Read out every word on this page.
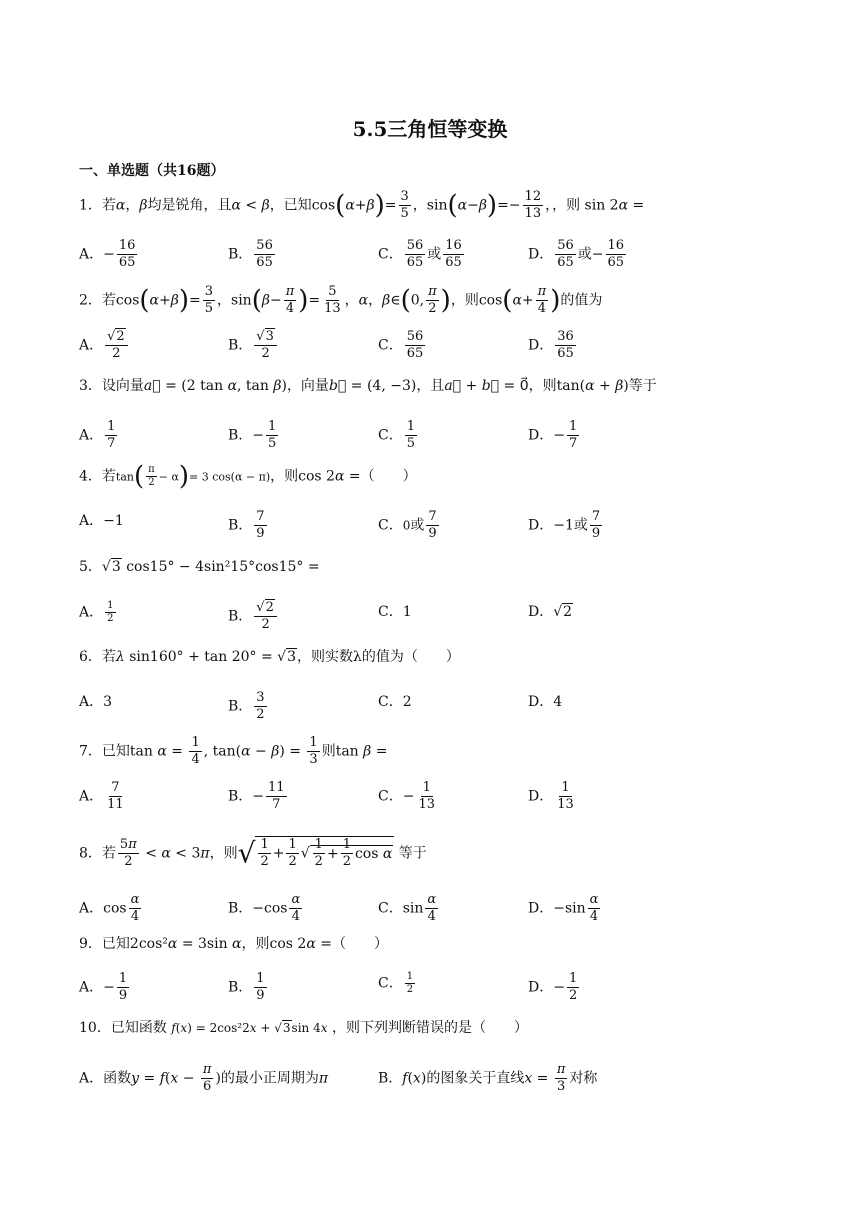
5.5三角恒等变换
一、单选题（共16题）
1．若α，β均是锐角，且α < β，已知$\cos(\alpha+\beta)= \frac{3}{5}$ ，$\sin(\alpha-\beta)=- \frac{12}{13}$ ，，则 sin 2α =
A．− $\frac{16}{65}$	B． $\frac{56}{65}$	C． $\frac{56}{65}$ 或 $\frac{16}{65}$	D． $\frac{56}{65}$ 或− $\frac{16}{65}$
2．若$\cos(\alpha+\beta)= \frac{3}{5}$ ，$\sin(\beta- \frac{\pi}{4}$ )= $\frac{5}{13}$ ，α，β∈(0, $\frac{\pi}{2}$ )，则$\cos(\alpha+ \frac{\pi}{4}$ )的值为
A． $\frac{√2}{2}$	B． $\frac{√3}{2}$	C． $\frac{56}{65}$	D． $\frac{36}{65}$
3．设向量a⃗ = (2 tan α, tan β)，向量b⃗ = (4, −3)，且a⃗ + b⃗ = 0⃗，则tan(α + β)等于
A． $\frac{1}{7}$	B．− $\frac{1}{5}$	C． $\frac{1}{5}$	D．− $\frac{1}{7}$
4．若$\tan( \frac{\pi}{2} - \alpha)= 3$ cos(α − π)，则cos 2α =（　　）
A．−1	B． $\frac{7}{9}$	C．0或 $\frac{7}{9}$	D．−1或 $\frac{7}{9}$
5．√3 cos15° − 4sin²15°cos15° =
A． $\frac{1}{2}$	B． $\frac{√2}{2}$	C．1	D．√2
6．若λ sin160° + tan 20° = √3，则实数λ的值为（　　）
A．3	B． $\frac{3}{2}$	C．2	D．4
7．已知$\tan \alpha = \frac{1}{4}$ , $\tan(\alpha - \beta) = \frac{1}{3}$ 则tan β =
A． $\frac{7}{11}$	B．− $\frac{11}{7}$	C．− $\frac{1}{13}$	D． $\frac{1}{13}$
8．若 $\frac{5\pi}{2} < \alpha < 3\pi$，则√ $\frac{1}{2} + \frac{1}{2}$ √ $\frac{1}{2} + \frac{1}{2}$ cos α 等于
A．$\cos \frac{\alpha}{4}$	B．$-\cos \frac{\alpha}{4}$	C．$\sin \frac{\alpha}{4}$	D．$-\sin \frac{\alpha}{4}$
9．已知2cos²α = 3sin α，则cos 2α =（　　）
A．− $\frac{1}{9}$	B． $\frac{1}{9}$	C． $\frac{1}{2}$	D．− $\frac{1}{2}$
10．已知函数 f(x) = 2cos²2x + √3sin 4x ，则下列判断错误的是（　　）
A．函数$y = f(x - \frac{\pi}{6}$ )的最小正周期为π	B．f(x)的图象关于直线$x = \frac{\pi}{3}$ 对称
